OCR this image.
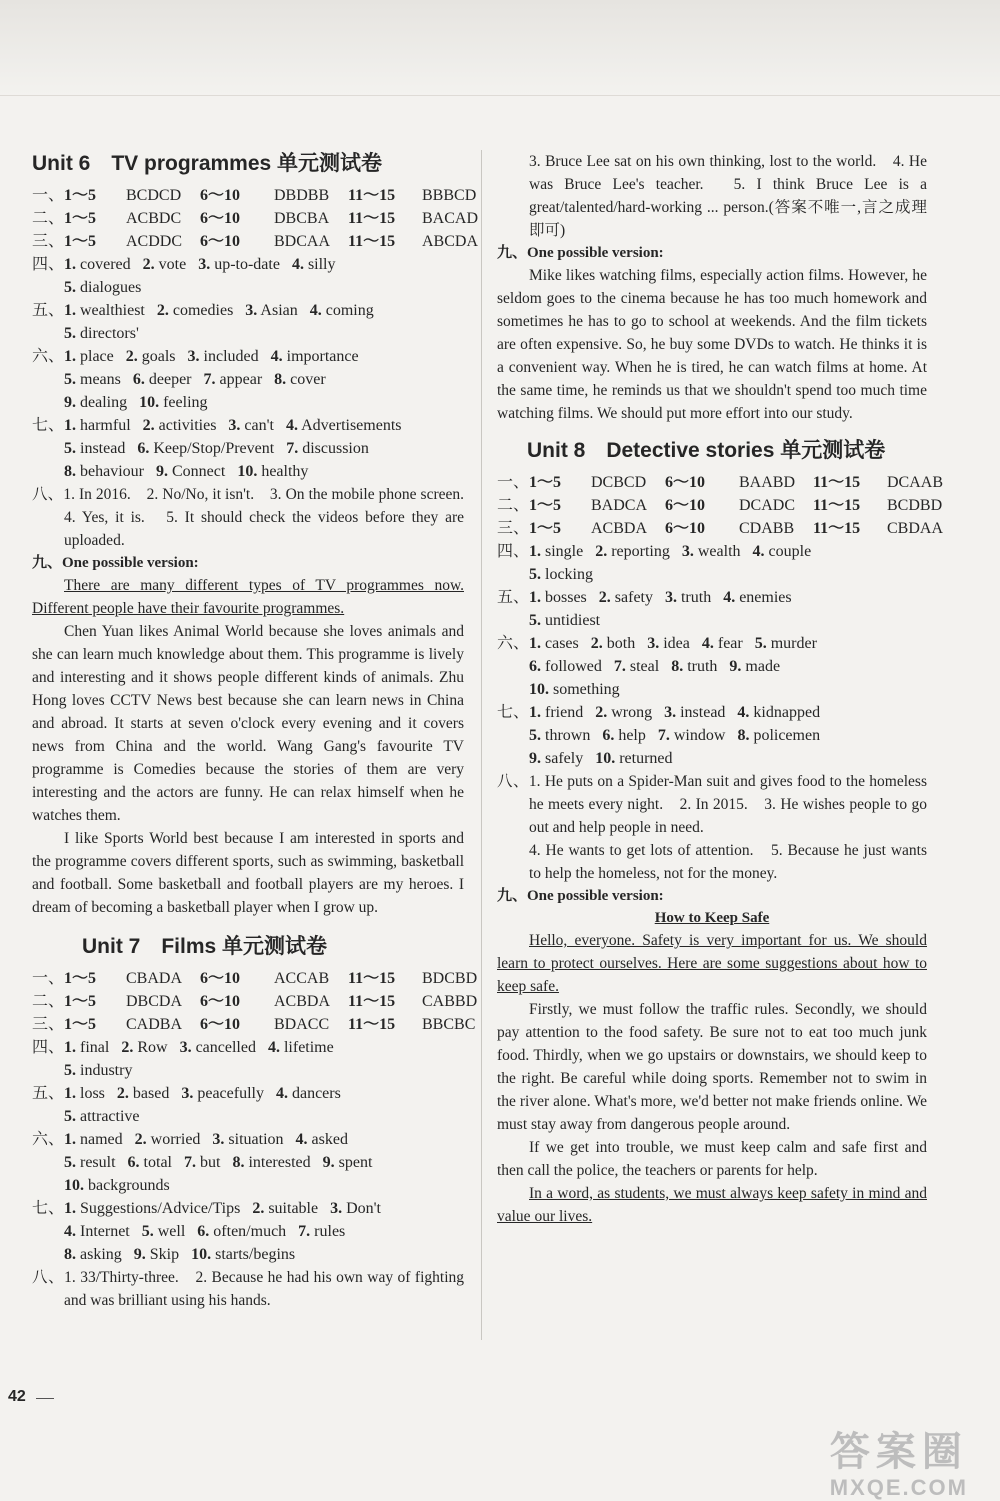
Unit 6　TV programmes 单元测试卷
一、1～5 BCDCD 6～10 DBDBB 11～15 BBBCD
二、1～5 ACBDC 6～10 DBCBA 11～15 BACAD
三、1～5 ACDDC 6～10 BDCAA 11～15 ABCDA
四、1. covered 2. vote 3. up-to-date 4. silly
5. dialogues
五、1. wealthiest 2. comedies 3. Asian 4. coming
5. directors'
六、1. place 2. goals 3. included 4. importance
5. means 6. deeper 7. appear 8. cover
9. dealing 10. feeling
七、1. harmful 2. activities 3. can't 4. Advertisements
5. instead 6. Keep/Stop/Prevent 7. discussion
8. behaviour 9. Connect 10. healthy
八、1. In 2016.　2. No/No, it isn't.　3. On the mobile phone screen.　4. Yes, it is.　5. It should check the videos before they are uploaded.
九、One possible version:

There are many different types of TV programmes now. Different people have their favourite programmes.

Chen Yuan likes Animal World because she loves animals and she can learn much knowledge about them. This programme is lively and interesting and it shows people different kinds of animals. Zhu Hong loves CCTV News best because she can learn news in China and abroad. It starts at seven o'clock every evening and it covers news from China and the world. Wang Gang's favourite TV programme is Comedies because the stories of them are very interesting and the actors are funny. He can relax himself when he watches them.

I like Sports World best because I am interested in sports and the programme covers different sports, such as swimming, basketball and football. Some basketball and football players are my heroes. I dream of becoming a basketball player when I grow up.

Unit 7　Films 单元测试卷
一、1～5 CBADA 6～10 ACCAB 11～15 BDCBD
二、1～5 DBCDA 6～10 ACBDA 11～15 CABBD
三、1～5 CADBA 6～10 BDACC 11～15 BBCBC
四、1. final 2. Row 3. cancelled 4. lifetime
5. industry
五、1. loss 2. based 3. peacefully 4. dancers
5. attractive
六、1. named 2. worried 3. situation 4. asked
5. result 6. total 7. but 8. interested 9. spent
10. backgrounds
七、1. Suggestions/Advice/Tips 2. suitable 3. Don't
4. Internet 5. well 6. often/much 7. rules
8. asking 9. Skip 10. starts/begins
八、1. 33/Thirty-three.　2. Because he had his own way of fighting and was brilliant using his hands.
3. Bruce Lee sat on his own thinking, lost to the world.　4. He was Bruce Lee's teacher.　5. I think Bruce Lee is a great/talented/hard-working ... person.(答案不唯一,言之成理即可)
九、One possible version:

Mike likes watching films, especially action films. However, he seldom goes to the cinema because he has too much homework and sometimes he has to go to school at weekends. And the film tickets are often expensive. So, he buy some DVDs to watch. He thinks it is a convenient way. When he is tired, he can watch films at home. At the same time, he reminds us that we shouldn't spend too much time watching films. We should put more effort into our study.

Unit 8　Detective stories 单元测试卷
一、1～5 DCBCD 6～10 BAABD 11～15 DCAAB
二、1～5 BADCA 6～10 DCADC 11～15 BCDBD
三、1～5 ACBDA 6～10 CDABB 11～15 CBDAA
四、1. single 2. reporting 3. wealth 4. couple
5. locking
五、1. bosses 2. safety 3. truth 4. enemies
5. untidiest
六、1. cases 2. both 3. idea 4. fear 5. murder
6. followed 7. steal 8. truth 9. made
10. something
七、1. friend 2. wrong 3. instead 4. kidnapped
5. thrown 6. help 7. window 8. policemen
9. safely 10. returned
八、1. He puts on a Spider-Man suit and gives food to the homeless he meets every night.　2. In 2015.　3. He wishes people to go out and help people in need.
4. He wants to get lots of attention.　5. Because he just wants to help the homeless, not for the money.
九、One possible version:
How to Keep Safe

Hello, everyone. Safety is very important for us. We should learn to protect ourselves. Here are some suggestions about how to keep safe.

Firstly, we must follow the traffic rules. Secondly, we should pay attention to the food safety. Be sure not to eat too much junk food. Thirdly, when we go upstairs or downstairs, we should keep to the right. Be careful while doing sports. Remember not to swim in the river alone. What's more, we'd better not make friends online. We must stay away from dangerous people around.

If we get into trouble, we must keep calm and safe first and then call the police, the teachers or parents for help.

In a word, as students, we must always keep safety in mind and value our lives.

42
答案圈
MXQE.COM
